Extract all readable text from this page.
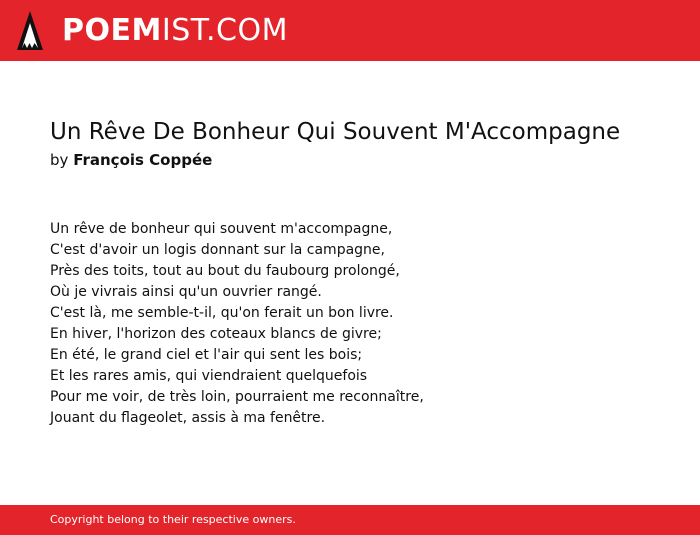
POEMIST.COM
Un Rêve De Bonheur Qui Souvent M'Accompagne
by François Coppée
Un rêve de bonheur qui souvent m'accompagne,
C'est d'avoir un logis donnant sur la campagne,
Près des toits, tout au bout du faubourg prolongé,
Où je vivrais ainsi qu'un ouvrier rangé.
C'est là, me semble-t-il, qu'on ferait un bon livre.
En hiver, l'horizon des coteaux blancs de givre;
En été, le grand ciel et l'air qui sent les bois;
Et les rares amis, qui viendraient quelquefois
Pour me voir, de très loin, pourraient me reconnaître,
Jouant du flageolet, assis à ma fenêtre.
Copyright belong to their respective owners.
